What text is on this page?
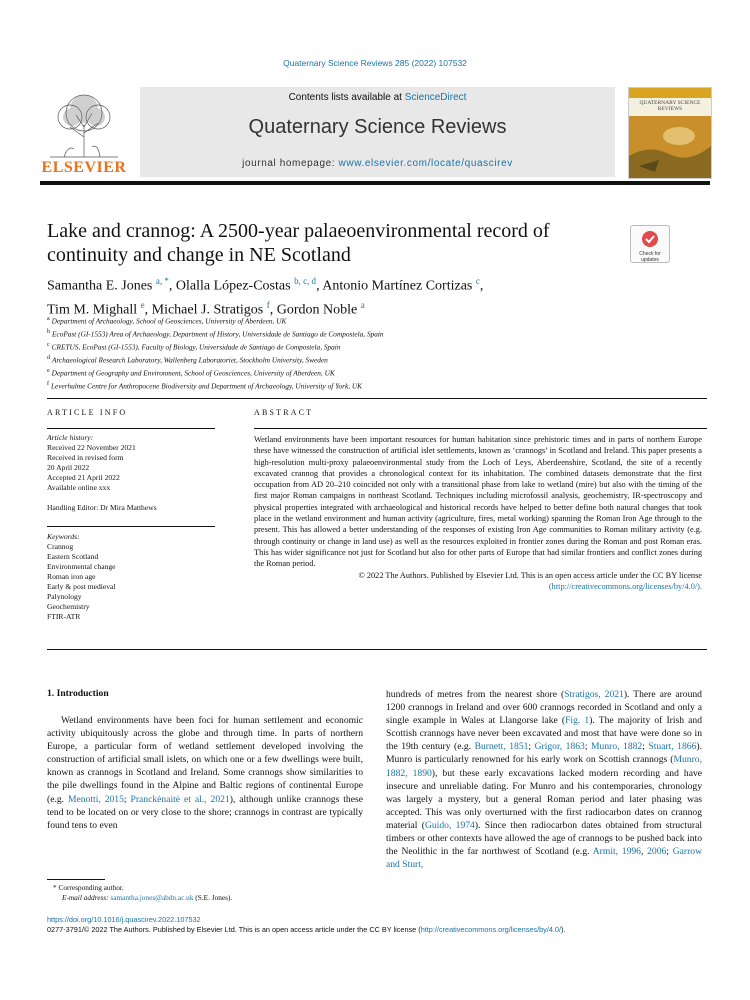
Quaternary Science Reviews 285 (2022) 107532
ELSEVIER
Contents lists available at ScienceDirect
Quaternary Science Reviews
journal homepage: www.elsevier.com/locate/quascirev
QUATERNARY SCIENCE REVIEWS
Lake and crannog: A 2500-year palaeoenvironmental record of continuity and change in NE Scotland	Check for updates
Samantha E. Jones $^{a, *}$, Olalla López-Costas $^{b, c, d}$, Antonio Martínez Cortizas $^c$,
Tim M. Mighall $^e$, Michael J. Stratigos $^f$, Gordon Noble $^a$
$^a$ Department of Archaeology, School of Geosciences, University of Aberdeen, UK
$^b$ EcoPast (GI-1553) Area of Archaeology, Department of History, Universidade de Santiago de Compostela, Spain
$^c$ CRETUS, EcoPast (GI-1553), Faculty of Biology, Universidade de Santiago de Compostela, Spain
$^d$ Archaeological Research Laboratory, Wallenberg Laboratoriet, Stockholm University, Sweden
$^e$ Department of Geography and Environment, School of Geosciences, University of Aberdeen, UK
$^f$ Leverhulme Centre for Anthropocene Biodiversity and Department of Archaeology, University of York, UK
ARTICLE INFO	ABSTRACT
Article history:
Received 22 November 2021
Received in revised form
20 April 2022
Accepted 21 April 2022
Available online xxx
Handling Editor: Dr Mira Matthews
Keywords:
Crannog
Eastern Scotland
Environmental change
Roman iron age
Early & post medieval
Palynology
Geochemistry
FTIR-ATR
Wetland environments have been important resources for human habitation since prehistoric times and in parts of northern Europe these have witnessed the construction of artificial islet settlements, known as ‘crannogs’ in Scotland and Ireland. This paper presents a high-resolution multi-proxy palaeoenvironmental study from the Loch of Leys, Aberdeenshire, Scotland, the site of a recently excavated crannog that provides a chronological context for its inhabitation. The combined datasets demonstrate that the first occupation from AD 20–210 coincided not only with a transitional phase from lake to wetland (mire) but also with the timing of the first major Roman campaigns in northeast Scotland. Techniques including microfossil analysis, geochemistry, IR-spectroscopy and physical properties integrated with archaeological and historical records have helped to better define both natural changes that took place in the wetland environment and human activity (agriculture, fires, metal working) spanning the Roman Iron Age through to the present. This has allowed a better understanding of the responses of existing Iron Age communities to Roman military activity (e.g. through continuity or change in land use) as well as the resources exploited in frontier zones during the Roman and post Roman eras. This has wider significance not just for Scotland but also for other parts of Europe that had similar frontiers and conflict zones during the Roman period.
© 2022 The Authors. Published by Elsevier Ltd. This is an open access article under the CC BY license
(http://creativecommons.org/licenses/by/4.0/).
1. Introduction
Wetland environments have been foci for human settlement and economic activity ubiquitously across the globe and through time. In parts of northern Europe, a particular form of wetland settlement developed involving the construction of artificial small islets, on which one or a few dwellings were built, known as crannogs in Scotland and Ireland. Some crannogs show similarities to the pile dwellings found in the Alpine and Baltic regions of continental Europe (e.g. Menotti, 2015; Pranckėnaitė et al., 2021), although unlike crannogs these tend to be located on or very close to the shore; crannogs in contrast are typically found tens to even
hundreds of metres from the nearest shore (Stratigos, 2021). There are around 1200 crannogs in Ireland and over 600 crannogs recorded in Scotland and only a single example in Wales at Llangorse lake (Fig. 1). The majority of Irish and Scottish crannogs have never been excavated and most that have were done so in the 19th century (e.g. Burnett, 1851; Grigor, 1863; Munro, 1882; Stuart, 1866). Munro is particularly renowned for his early work on Scottish crannogs (Munro, 1882, 1890), but these early excavations lacked modern recording and have insecure and unreliable dating. For Munro and his contemporaries, chronology was largely a mystery, but a general Roman period and later phasing was accepted. This was only overturned with the first radiocarbon dates on crannog material (Guido, 1974). Since then radiocarbon dates obtained from structural timbers or other contexts have allowed the age of crannogs to be pushed back into the Neolithic in the far northwest of Scotland (e.g. Armit, 1996, 2006; Garrow and Sturt,
* Corresponding author.
E-mail address: samantha.jones@abdn.ac.uk (S.E. Jones).
https://doi.org/10.1016/j.quascirev.2022.107532
0277-3791/© 2022 The Authors. Published by Elsevier Ltd. This is an open access article under the CC BY license (http://creativecommons.org/licenses/by/4.0/).
